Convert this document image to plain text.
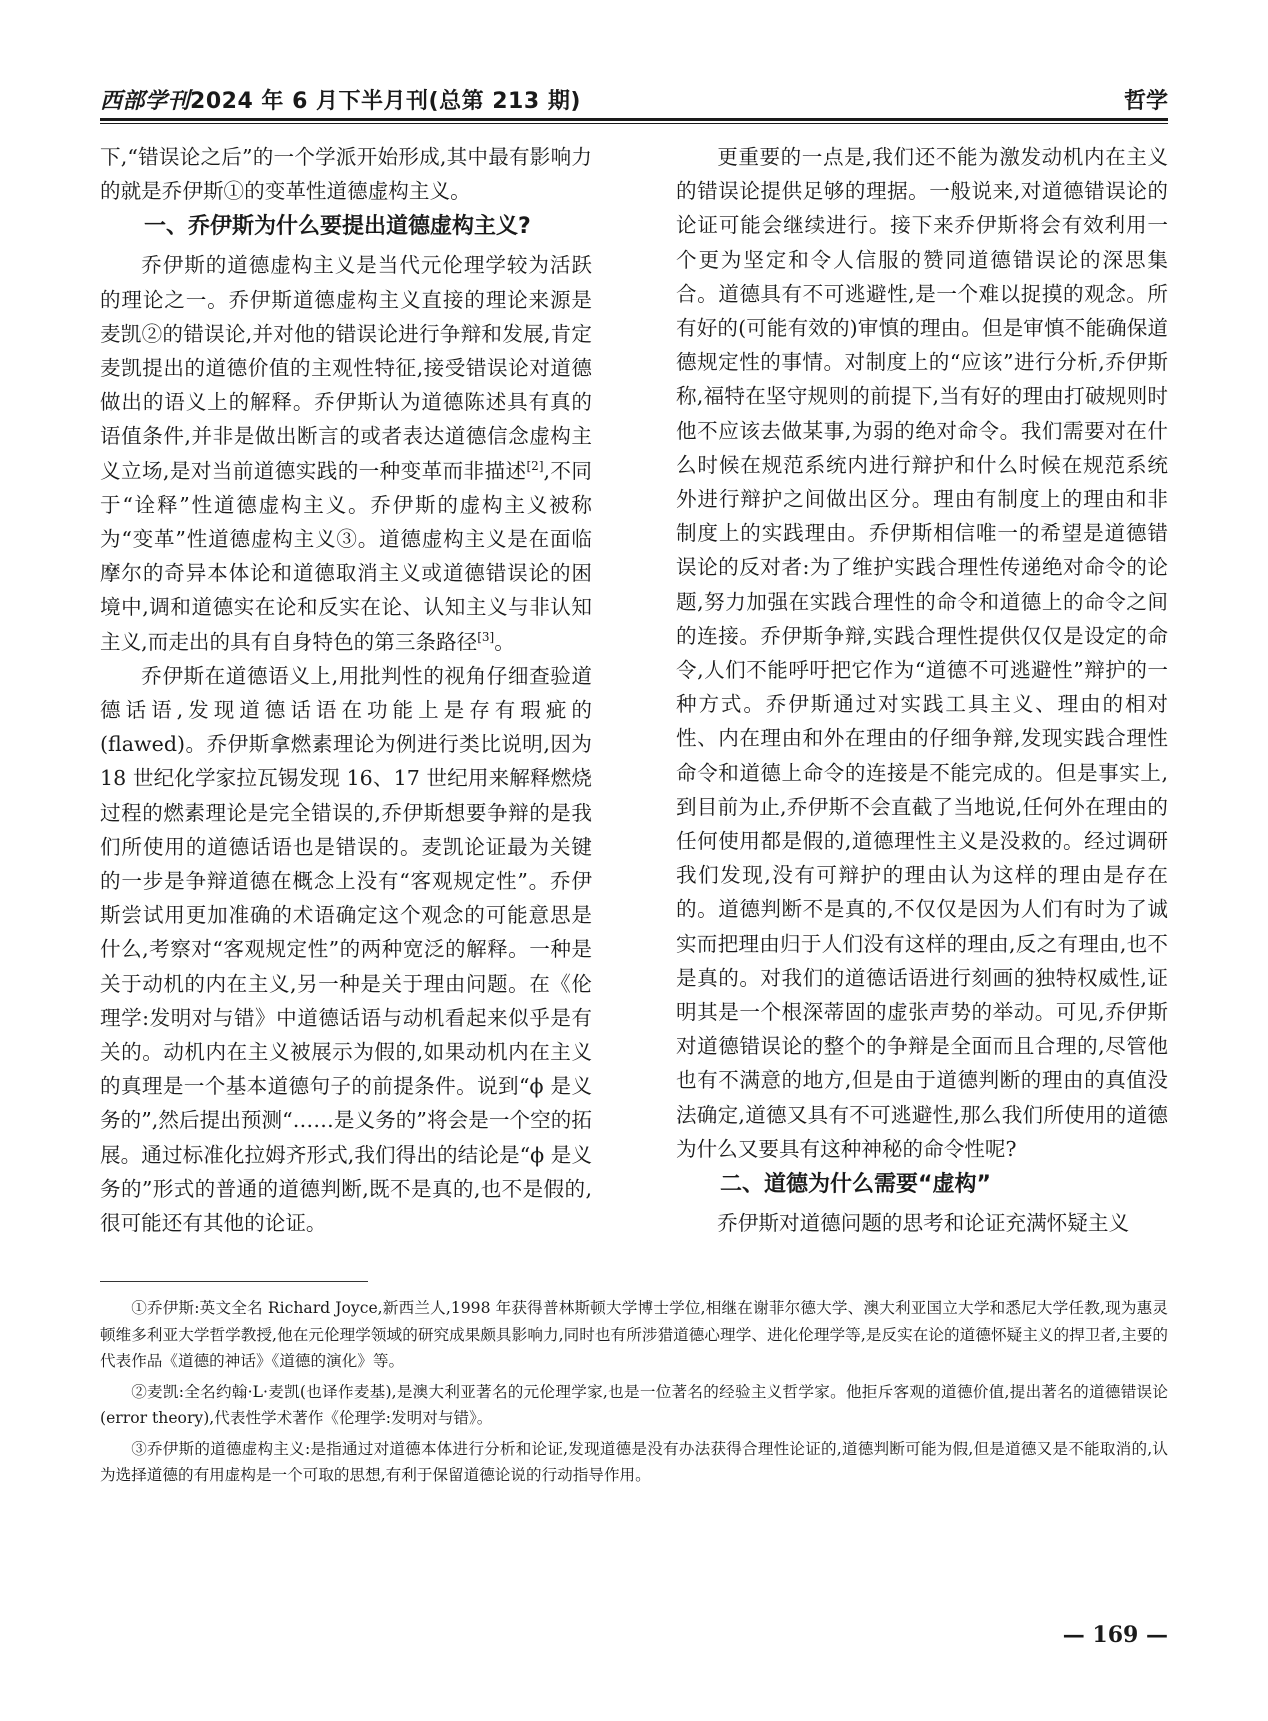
西部学刊2024 年 6 月下半月刊(总第 213 期)	哲学

下,“错误论之后”的一个学派开始形成,其中最有影响力的就是乔伊斯①的变革性道德虚构主义。

一、乔伊斯为什么要提出道德虚构主义?

乔伊斯的道德虚构主义是当代元伦理学较为活跃的理论之一。乔伊斯道德虚构主义直接的理论来源是麦凯②的错误论,并对他的错误论进行争辩和发展,肯定麦凯提出的道德价值的主观性特征,接受错误论对道德做出的语义上的解释。乔伊斯认为道德陈述具有真的语值条件,并非是做出断言的或者表达道德信念虚构主义立场,是对当前道德实践的一种变革而非描述[2],不同于“诠释”性道德虚构主义。乔伊斯的虚构主义被称为“变革”性道德虚构主义③。道德虚构主义是在面临摩尔的奇异本体论和道德取消主义或道德错误论的困境中,调和道德实在论和反实在论、认知主义与非认知主义,而走出的具有自身特色的第三条路径[3]。

乔伊斯在道德语义上,用批判性的视角仔细查验道德话语,发现道德话语在功能上是存有瑕疵的(flawed)。乔伊斯拿燃素理论为例进行类比说明,因为 18 世纪化学家拉瓦锡发现 16、17 世纪用来解释燃烧过程的燃素理论是完全错误的,乔伊斯想要争辩的是我们所使用的道德话语也是错误的。麦凯论证最为关键的一步是争辩道德在概念上没有“客观规定性”。乔伊斯尝试用更加准确的术语确定这个观念的可能意思是什么,考察对“客观规定性”的两种宽泛的解释。一种是关于动机的内在主义,另一种是关于理由问题。在《伦理学:发明对与错》中道德话语与动机看起来似乎是有关的。动机内在主义被展示为假的,如果动机内在主义的真理是一个基本道德句子的前提条件。说到“ϕ 是义务的”,然后提出预测“……是义务的”将会是一个空的拓展。通过标准化拉姆齐形式,我们得出的结论是“ϕ 是义务的”形式的普通的道德判断,既不是真的,也不是假的,很可能还有其他的论证。

更重要的一点是,我们还不能为激发动机内在主义的错误论提供足够的理据。一般说来,对道德错误论的论证可能会继续进行。接下来乔伊斯将会有效利用一个更为坚定和令人信服的赞同道德错误论的深思集合。道德具有不可逃避性,是一个难以捉摸的观念。所有好的(可能有效的)审慎的理由。但是审慎不能确保道德规定性的事情。对制度上的“应该”进行分析,乔伊斯称,福特在坚守规则的前提下,当有好的理由打破规则时他不应该去做某事,为弱的绝对命令。我们需要对在什么时候在规范系统内进行辩护和什么时候在规范系统外进行辩护之间做出区分。理由有制度上的理由和非制度上的实践理由。乔伊斯相信唯一的希望是道德错误论的反对者:为了维护实践合理性传递绝对命令的论题,努力加强在实践合理性的命令和道德上的命令之间的连接。乔伊斯争辩,实践合理性提供仅仅是设定的命令,人们不能呼吁把它作为“道德不可逃避性”辩护的一种方式。乔伊斯通过对实践工具主义、理由的相对性、内在理由和外在理由的仔细争辩,发现实践合理性命令和道德上命令的连接是不能完成的。但是事实上,到目前为止,乔伊斯不会直截了当地说,任何外在理由的任何使用都是假的,道德理性主义是没救的。经过调研我们发现,没有可辩护的理由认为这样的理由是存在的。道德判断不是真的,不仅仅是因为人们有时为了诚实而把理由归于人们没有这样的理由,反之有理由,也不是真的。对我们的道德话语进行刻画的独特权威性,证明其是一个根深蒂固的虚张声势的举动。可见,乔伊斯对道德错误论的整个的争辩是全面而且合理的,尽管他也有不满意的地方,但是由于道德判断的理由的真值没法确定,道德又具有不可逃避性,那么我们所使用的道德为什么又要具有这种神秘的命令性呢?

二、道德为什么需要“虚构”

乔伊斯对道德问题的思考和论证充满怀疑主义

①乔伊斯:英文全名 Richard Joyce,新西兰人,1998 年获得普林斯顿大学博士学位,相继在谢菲尔德大学、澳大利亚国立大学和悉尼大学任教,现为惠灵顿维多利亚大学哲学教授,他在元伦理学领域的研究成果颇具影响力,同时也有所涉猎道德心理学、进化伦理学等,是反实在论的道德怀疑主义的捍卫者,主要的代表作品《道德的神话》《道德的演化》等。

②麦凯:全名约翰·L·麦凯(也译作麦基),是澳大利亚著名的元伦理学家,也是一位著名的经验主义哲学家。他拒斥客观的道德价值,提出著名的道德错误论(error theory),代表性学术著作《伦理学:发明对与错》。

③乔伊斯的道德虚构主义:是指通过对道德本体进行分析和论证,发现道德是没有办法获得合理性论证的,道德判断可能为假,但是道德又是不能取消的,认为选择道德的有用虚构是一个可取的思想,有利于保留道德论说的行动指导作用。

— 169 —
